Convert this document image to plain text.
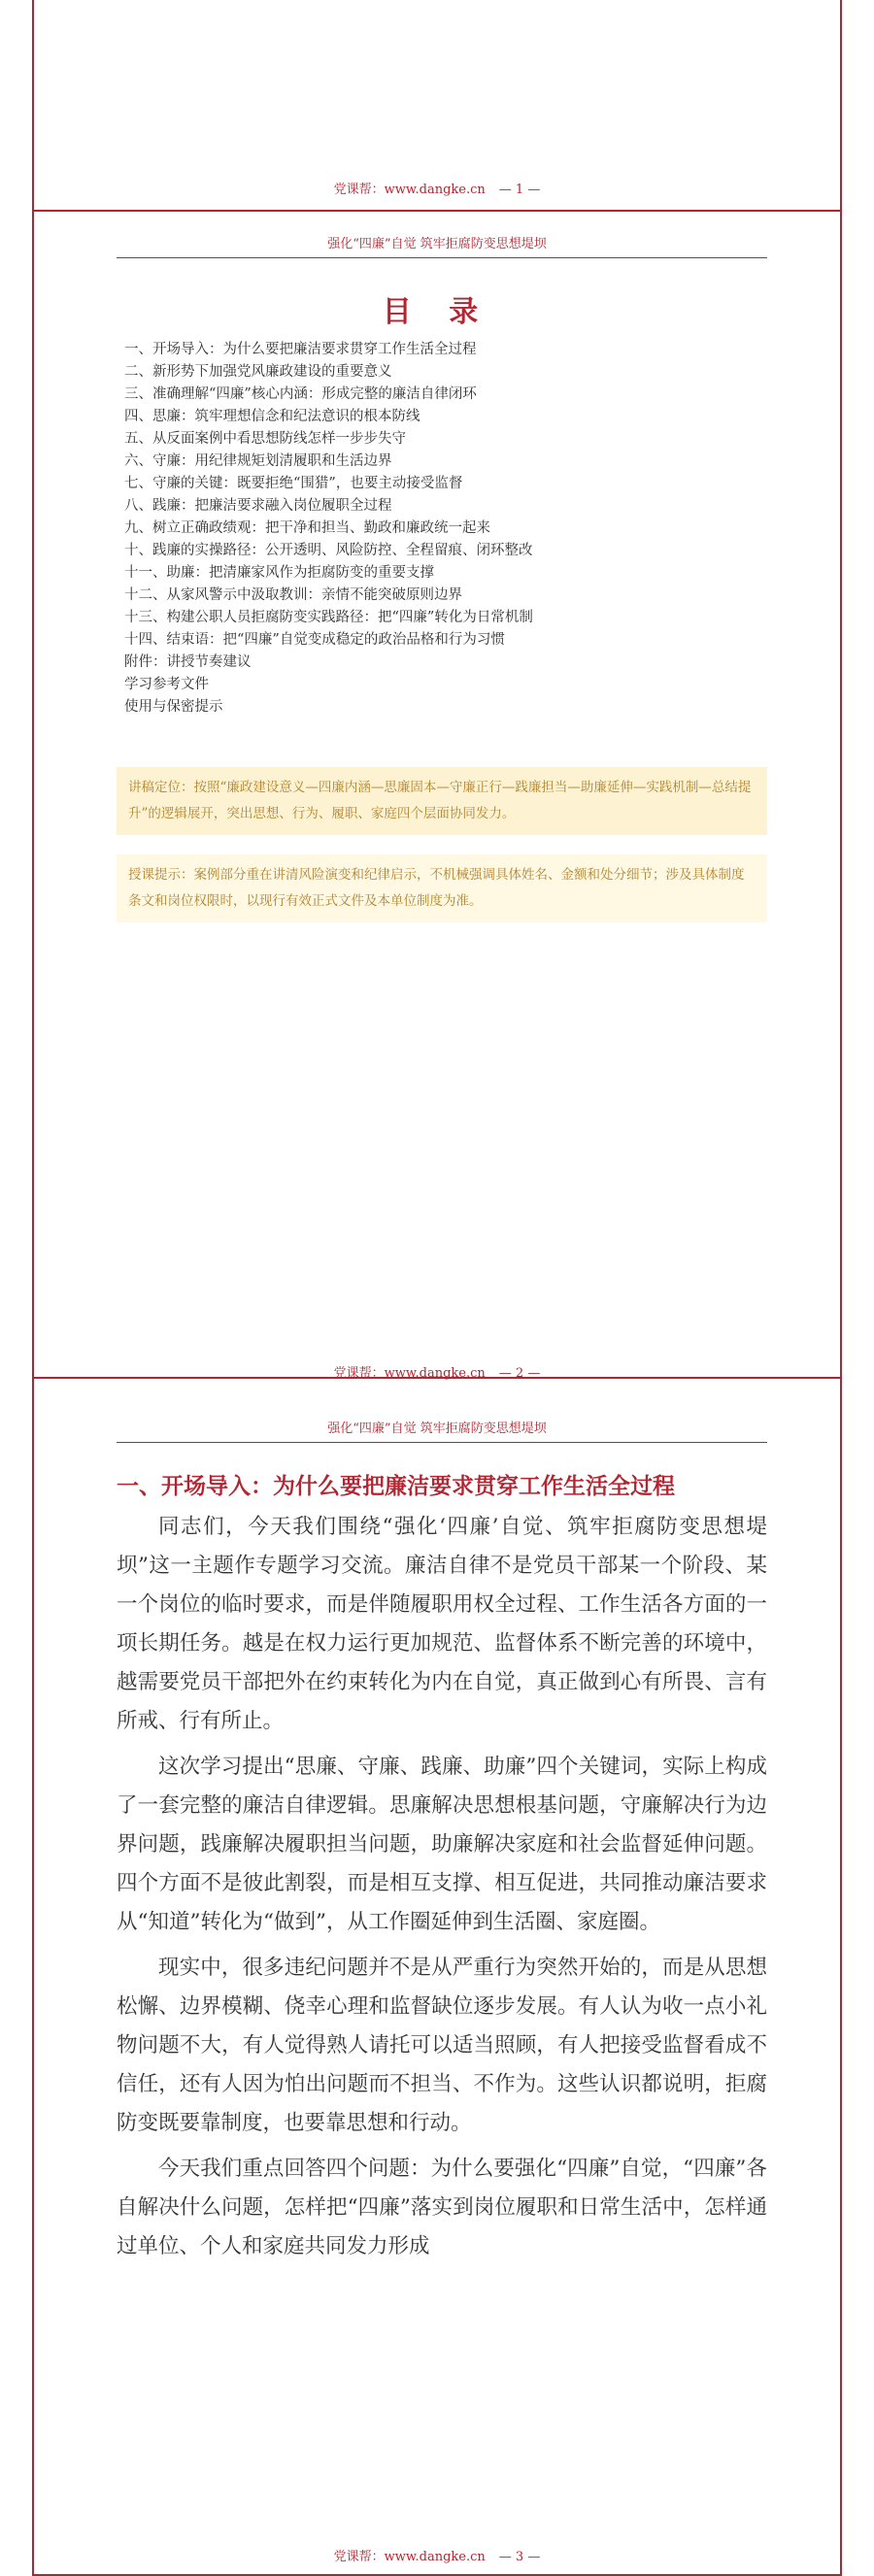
党课帮：www.dangke.cn — 1 —
强化“四廉”自觉 筑牢拒腐防变思想堤坝
目 录
一、开场导入：为什么要把廉洁要求贯穿工作生活全过程
二、新形势下加强党风廉政建设的重要意义
三、准确理解“四廉”核心内涵：形成完整的廉洁自律闭环
四、思廉：筑牢理想信念和纪法意识的根本防线
五、从反面案例中看思想防线怎样一步步失守
六、守廉：用纪律规矩划清履职和生活边界
七、守廉的关键：既要拒绝“围猎”，也要主动接受监督
八、践廉：把廉洁要求融入岗位履职全过程
九、树立正确政绩观：把干净和担当、勤政和廉政统一起来
十、践廉的实操路径：公开透明、风险防控、全程留痕、闭环整改
十一、助廉：把清廉家风作为拒腐防变的重要支撑
十二、从家风警示中汲取教训：亲情不能突破原则边界
十三、构建公职人员拒腐防变实践路径：把“四廉”转化为日常机制
十四、结束语：把“四廉”自觉变成稳定的政治品格和行为习惯
附件：讲授节奏建议
学习参考文件
使用与保密提示
讲稿定位：按照“廉政建设意义—四廉内涵—思廉固本—守廉正行—践廉担当—助廉延伸—实践机制—总结提升”的逻辑展开，突出思想、行为、履职、家庭四个层面协同发力。
授课提示：案例部分重在讲清风险演变和纪律启示，不机械强调具体姓名、金额和处分细节；涉及具体制度条文和岗位权限时，以现行有效正式文件及本单位制度为准。
党课帮：www.dangke.cn — 2 —
强化“四廉”自觉 筑牢拒腐防变思想堤坝
一、开场导入：为什么要把廉洁要求贯穿工作生活全过程

同志们，今天我们围绕“强化‘四廉’自觉、筑牢拒腐防变思想堤坝”这一主题作专题学习交流。廉洁自律不是党员干部某一个阶段、某一个岗位的临时要求，而是伴随履职用权全过程、工作生活各方面的一项长期任务。越是在权力运行更加规范、监督体系不断完善的环境中，越需要党员干部把外在约束转化为内在自觉，真正做到心有所畏、言有所戒、行有所止。

这次学习提出“思廉、守廉、践廉、助廉”四个关键词，实际上构成了一套完整的廉洁自律逻辑。思廉解决思想根基问题，守廉解决行为边界问题，践廉解决履职担当问题，助廉解决家庭和社会监督延伸问题。四个方面不是彼此割裂，而是相互支撑、相互促进，共同推动廉洁要求从“知道”转化为“做到”，从工作圈延伸到生活圈、家庭圈。

现实中，很多违纪问题并不是从严重行为突然开始的，而是从思想松懈、边界模糊、侥幸心理和监督缺位逐步发展。有人认为收一点小礼物问题不大，有人觉得熟人请托可以适当照顾，有人把接受监督看成不信任，还有人因为怕出问题而不担当、不作为。这些认识都说明，拒腐防变既要靠制度，也要靠思想和行动。

今天我们重点回答四个问题：为什么要强化“四廉”自觉，“四廉”各自解决什么问题，怎样把“四廉”落实到岗位履职和日常生活中，怎样通过单位、个人和家庭共同发力形成

党课帮：www.dangke.cn — 3 —
